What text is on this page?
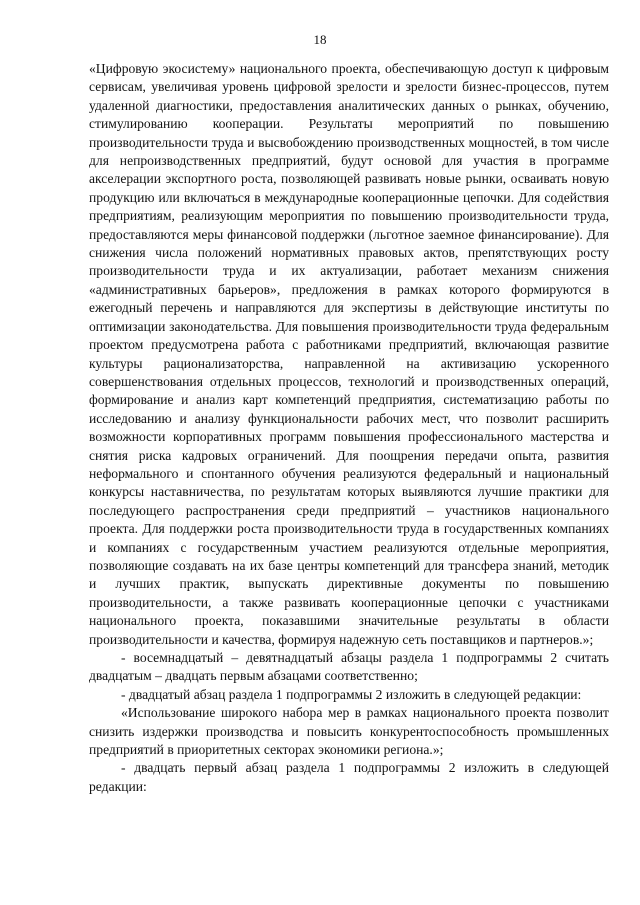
18

«Цифровую экосистему» национального проекта, обеспечивающую доступ к цифровым сервисам, увеличивая уровень цифровой зрелости и зрелости бизнес-процессов, путем удаленной диагностики, предоставления аналитических данных о рынках, обучению, стимулированию кооперации. Результаты мероприятий по повышению производительности труда и высвобождению производственных мощностей, в том числе для непроизводственных предприятий, будут основой для участия в программе акселерации экспортного роста, позволяющей развивать новые рынки, осваивать новую продукцию или включаться в международные кооперационные цепочки. Для содействия предприятиям, реализующим мероприятия по повышению производительности труда, предоставляются меры финансовой поддержки (льготное заемное финансирование). Для снижения числа положений нормативных правовых актов, препятствующих росту производительности труда и их актуализации, работает механизм снижения «административных барьеров», предложения в рамках которого формируются в ежегодный перечень и направляются для экспертизы в действующие институты по оптимизации законодательства. Для повышения производительности труда федеральным проектом предусмотрена работа с работниками предприятий, включающая развитие культуры рационализаторства, направленной на активизацию ускоренного совершенствования отдельных процессов, технологий и производственных операций, формирование и анализ карт компетенций предприятия, систематизацию работы по исследованию и анализу функциональности рабочих мест, что позволит расширить возможности корпоративных программ повышения профессионального мастерства и снятия риска кадровых ограничений. Для поощрения передачи опыта, развития неформального и спонтанного обучения реализуются федеральный и национальный конкурсы наставничества, по результатам которых выявляются лучшие практики для последующего распространения среди предприятий – участников национального проекта. Для поддержки роста производительности труда в государственных компаниях и компаниях с государственным участием реализуются отдельные мероприятия, позволяющие создавать на их базе центры компетенций для трансфера знаний, методик и лучших практик, выпускать директивные документы по повышению производительности, а также развивать кооперационные цепочки с участниками национального проекта, показавшими значительные результаты в области производительности и качества, формируя надежную сеть поставщиков и партнеров.»;

- восемнадцатый – девятнадцатый абзацы раздела 1 подпрограммы 2 считать двадцатым – двадцать первым абзацами соответственно;

- двадцатый абзац раздела 1 подпрограммы 2 изложить в следующей редакции:

«Использование широкого набора мер в рамках национального проекта позволит снизить издержки производства и повысить конкурентоспособность промышленных предприятий в приоритетных секторах экономики региона.»;

- двадцать первый абзац раздела 1 подпрограммы 2 изложить в следующей редакции:
